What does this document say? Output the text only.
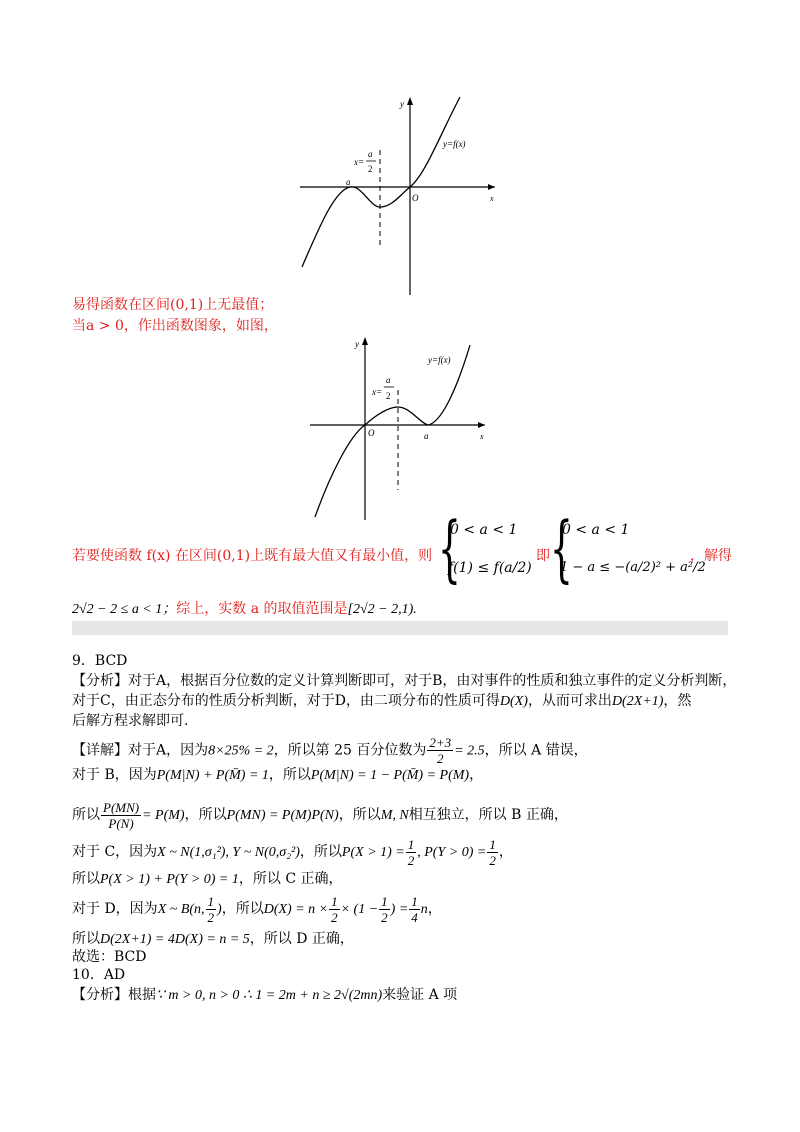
y
x
O
a
y=f(x)
x=
a
2
易得函数在区间(0,1)上无最值；
当a > 0，作出函数图象，如图，
y
x
O	a
y=f(x)
x=
a
2
若要使函数 f(x) 在区间(0,1)上既有最大值又有最小值，则 {
0 < a < 1
f(1) ≤ f(a/2)
即 {
0 < a < 1
1 − a ≤ −(a/2)² + a²/2
，解得
2√2 − 2 ≤ a < 1；综上，实数 a 的取值范围是[2√2 − 2,1).
9．BCD
【分析】对于A，根据百分位数的定义计算判断即可，对于B，由对事件的性质和独立事件的定义分析判断，
对于C，由正态分布的性质分析判断，对于D，由二项分布的性质可得D(X)，从而可求出D(2X+1)，然
后解方程求解即可.
【详解】对于A，因为8×25% = 2，所以第 25 百分位数为 $\frac{2+3}{2} = 2.5$，所以 A 错误，
对于 B，因为P(M|N) + P(M̄) = 1，所以P(M|N) = 1 − P(M̄) = P(M)，
所以 $\frac{P(MN)}{P(N)} = P(M)$，所以P(MN) = P(M)P(N)，所以M, N相互独立，所以 B 正确，
对于 C，因为X ~ N(1,σ₁²), Y ~ N(0,σ₂²)，所以$P(X > 1) = \frac{1}{2}$ , $P(Y > 0) = \frac{1}{2}$ ，
所以P(X > 1) + P(Y > 0) = 1，所以 C 正确，
对于 D，因为X ~ B(n, $\frac{1}{2}$ )，所以$D(X) = n \times \frac{1}{2} \times (1 - \frac{1}{2}$ ) = $\frac{1}{4}$ n，
所以D(2X+1) = 4D(X) = n = 5，所以 D 正确，
故选：BCD
10．AD
【分析】根据∵ m > 0, n > 0 ∴ 1 = 2m + n ≥ 2√(2mn)来验证 A 项
